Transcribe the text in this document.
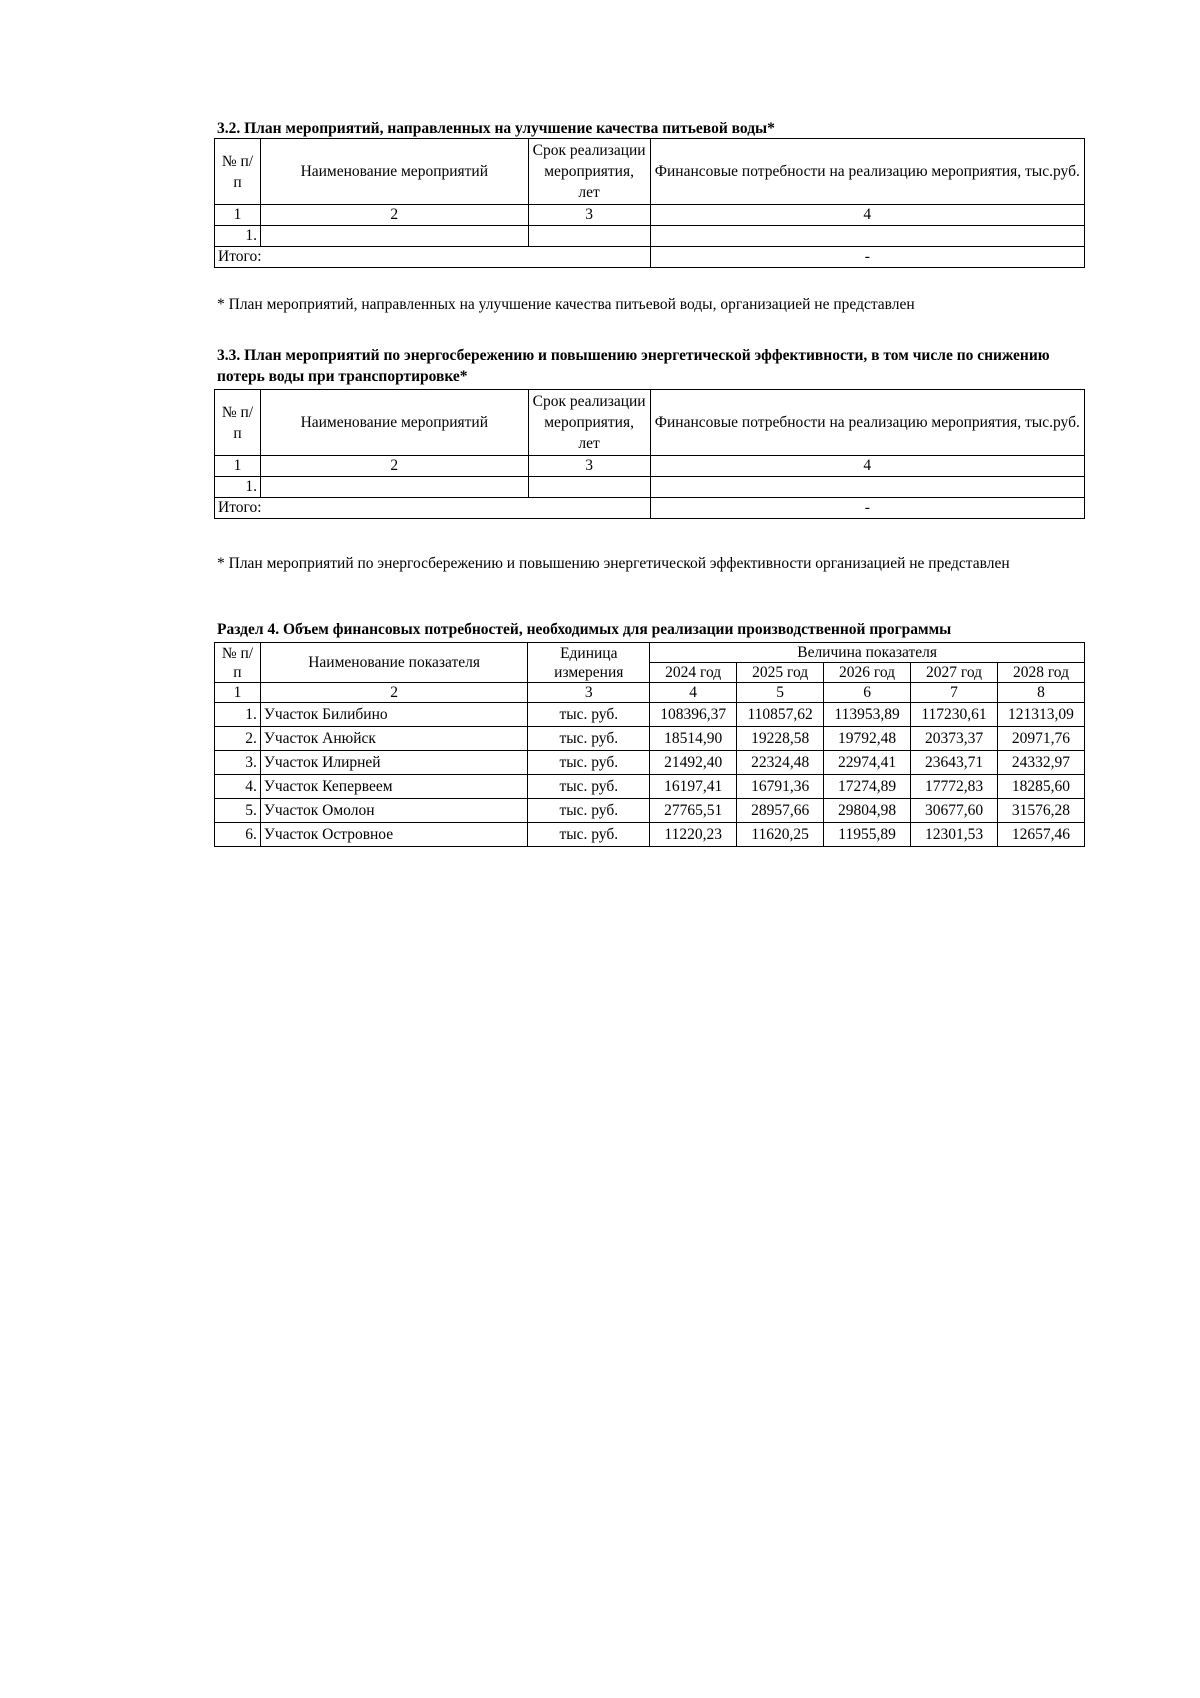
3.2. План мероприятий, направленных на улучшение качества питьевой воды*

№ п/п	Наименование мероприятий	Срок реализации мероприятия, лет	Финансовые потребности на реализацию мероприятия, тыс.руб.
1	2	3	4
1.			
Итого:			-

* План мероприятий, направленных на улучшение качества питьевой воды, организацией не представлен

3.3. План мероприятий по энергосбережению и повышению энергетической эффективности, в том числе по снижению потерь воды при транспортировке*

№ п/п	Наименование мероприятий	Срок реализации мероприятия, лет	Финансовые потребности на реализацию мероприятия, тыс.руб.
1	2	3	4
1.			
Итого:			-

* План мероприятий по энергосбережению и повышению энергетической эффективности организацией не представлен

Раздел 4. Объем финансовых потребностей, необходимых для реализации производственной программы

№ п/п	Наименование показателя	Единица измерения	Величина показателя				
			2024 год	2025 год	2026 год	2027 год	2028 год
1	2	3	4	5	6	7	8
1.	Участок Билибино	тыс. руб.	108396,37	110857,62	113953,89	117230,61	121313,09
2.	Участок Анюйск	тыс. руб.	18514,90	19228,58	19792,48	20373,37	20971,76
3.	Участок Илирней	тыс. руб.	21492,40	22324,48	22974,41	23643,71	24332,97
4.	Участок Кепервеем	тыс. руб.	16197,41	16791,36	17274,89	17772,83	18285,60
5.	Участок Омолон	тыс. руб.	27765,51	28957,66	29804,98	30677,60	31576,28
6.	Участок Островное	тыс. руб.	11220,23	11620,25	11955,89	12301,53	12657,46
